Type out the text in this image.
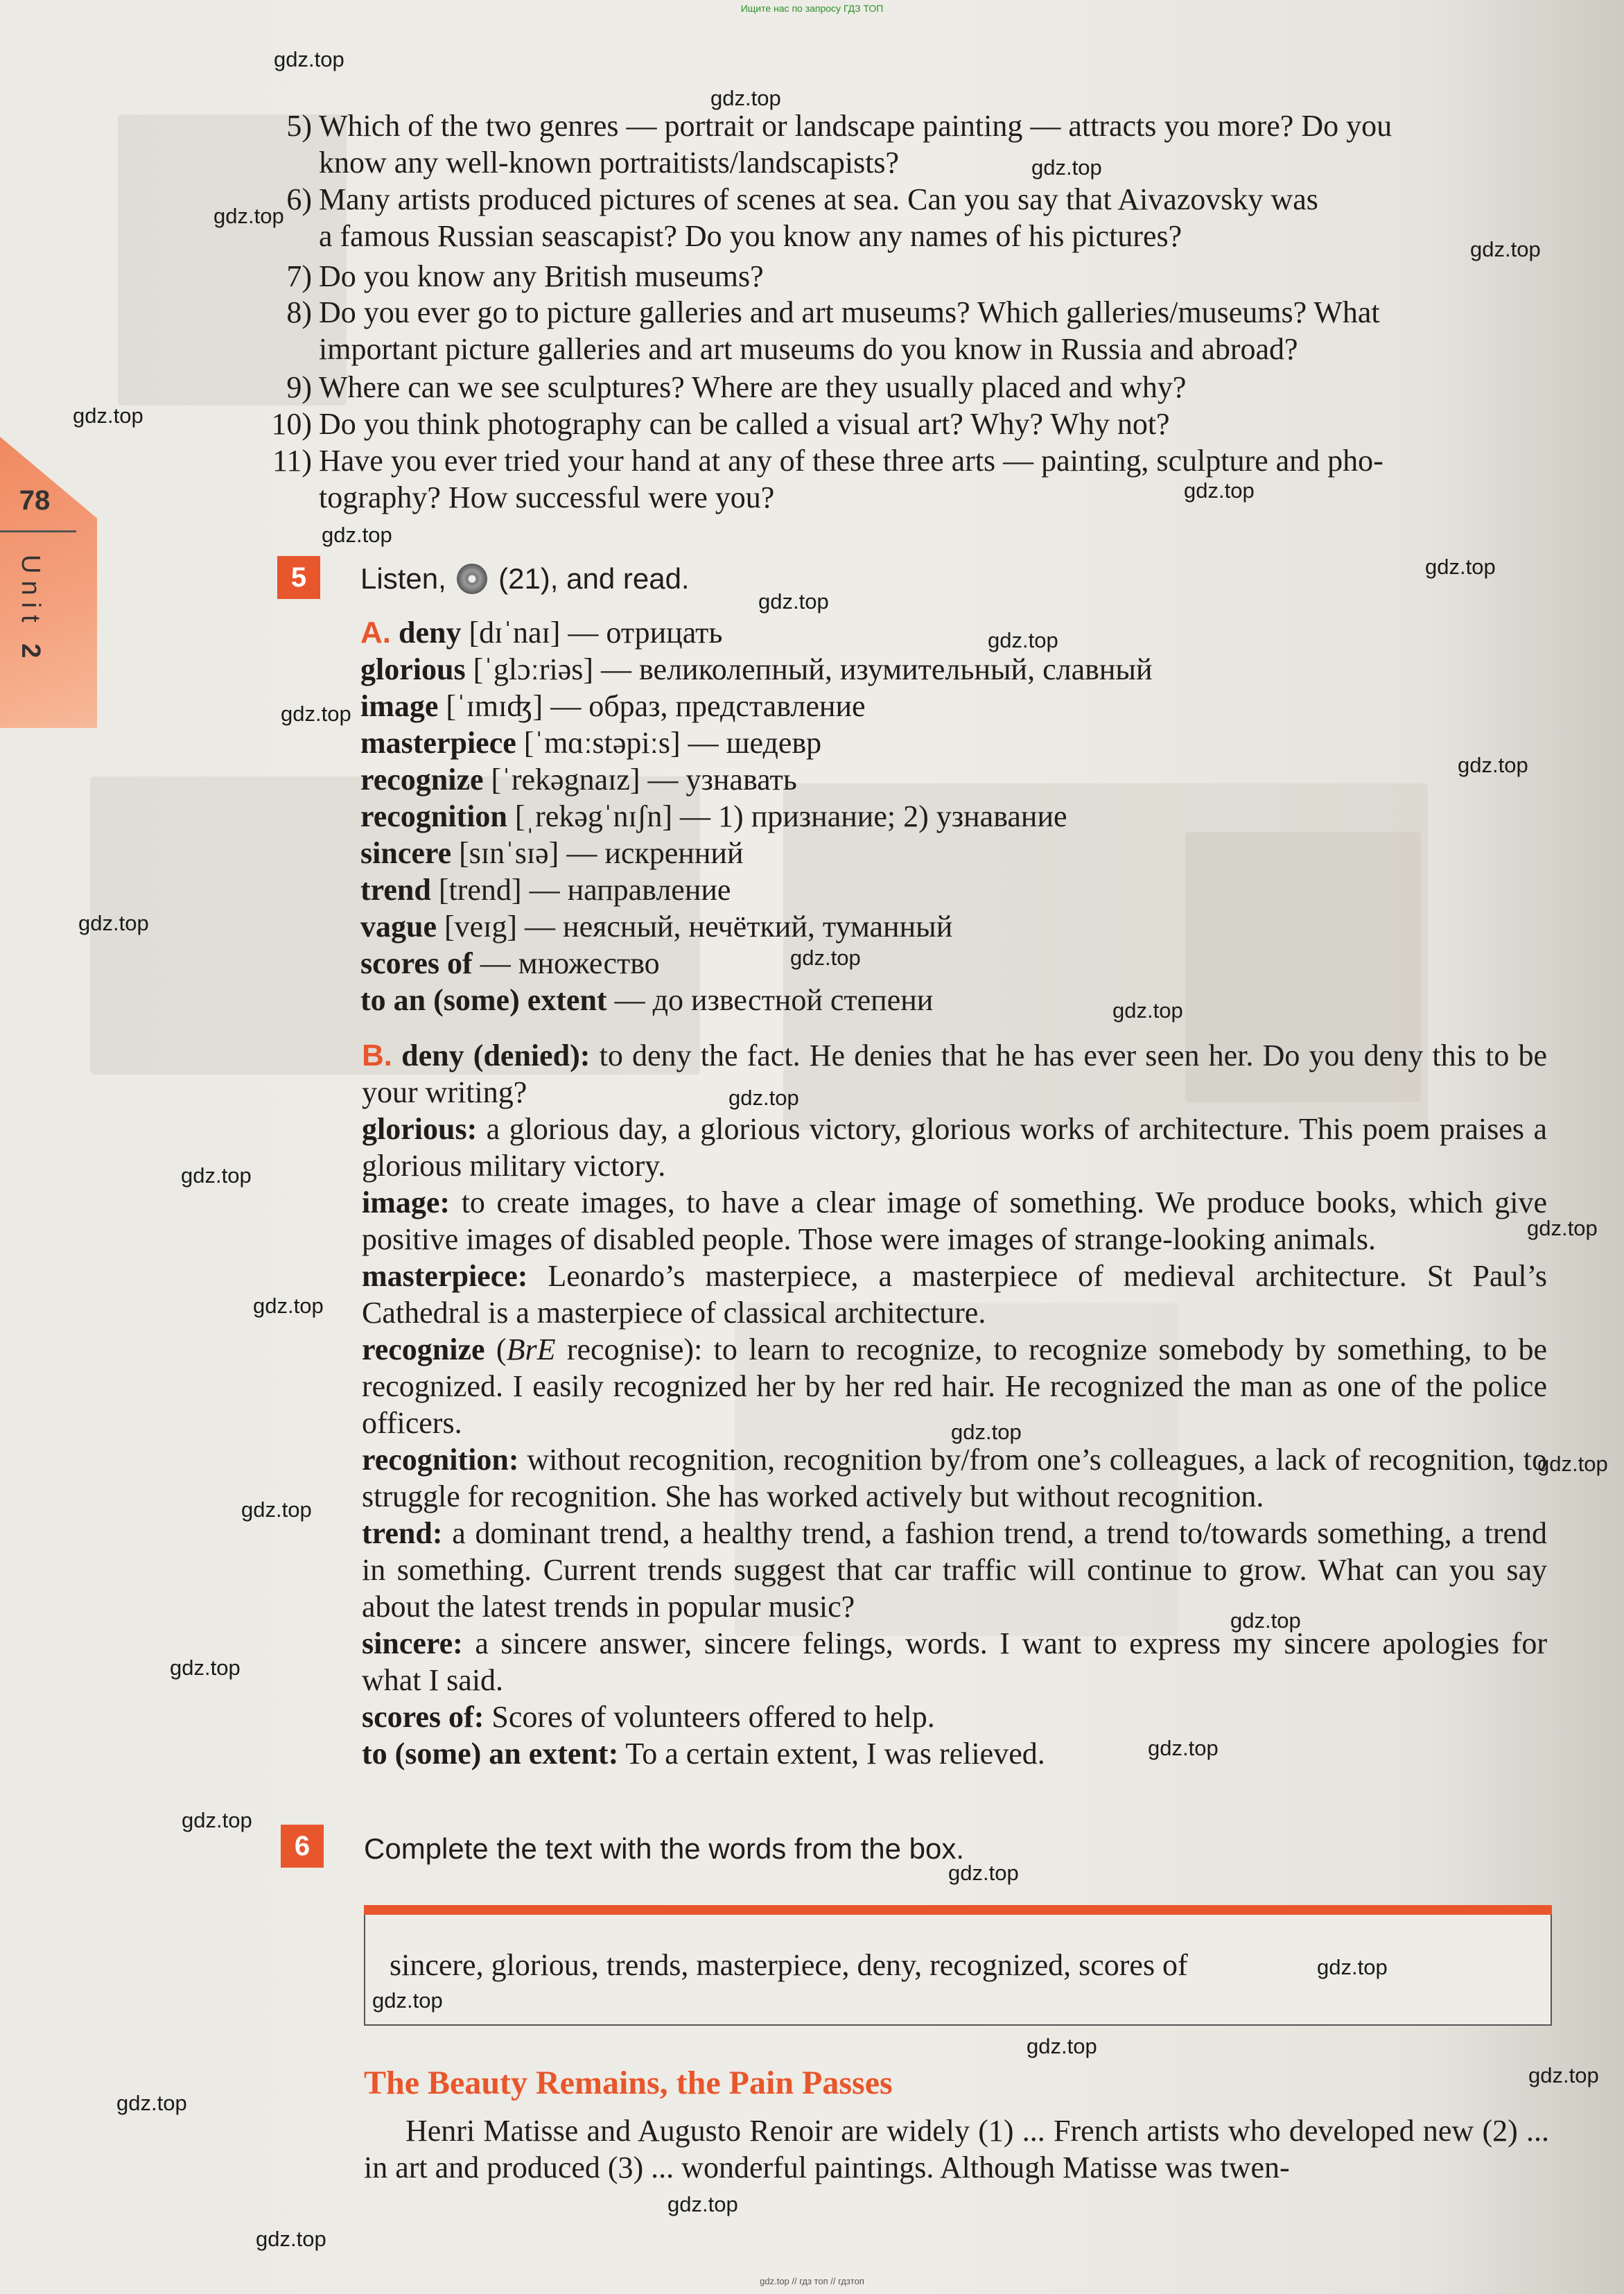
Ищите нас по запросу ГДЗ ТОП
78
Unit 2
5) Which of the two genres — portrait or landscape painting — attracts you more? Do you
know any well-known portraitists/landscapists?
6) Many artists produced pictures of scenes at sea. Can you say that Aivazovsky was
a famous Russian seascapist? Do you know any names of his pictures?
7) Do you know any British museums?
8) Do you ever go to picture galleries and art museums? Which galleries/museums? What
important picture galleries and art museums do you know in Russia and abroad?
9) Where can we see sculptures? Where are they usually placed and why?
10) Do you think photography can be called a visual art? Why? Why not?
11) Have you ever tried your hand at any of these three arts — painting, sculpture and pho-
tography? How successful were you?
5	Listen, (21), and read.
A. deny [dɪˈnaɪ] — отрицать
glorious [ˈglɔːriəs] — великолепный, изумительный, славный
image [ˈɪmɪʤ] — образ, представление
masterpiece [ˈmɑːstəpiːs] — шедевр
recognize [ˈrekəgnaɪz] — узнавать
recognition [ˌrekəgˈnɪʃn] — 1) признание; 2) узнавание
sincere [sɪnˈsɪə] — искренний
trend [trend] — направление
vague [veɪg] — неясный, нечёткий, туманный
scores of — множество
to an (some) extent — до известной степени

B. deny (denied): to deny the fact. He denies that he has ever seen her. Do you deny this to be your writing?

glorious: a glorious day, a glorious victory, glorious works of architecture. This poem praises a glorious military victory.

image: to create images, to have a clear image of something. We produce books, which give positive images of disabled people. Those were images of strange-looking animals.

masterpiece: Leonardo’s masterpiece, a masterpiece of medieval architecture. St Paul’s Cathedral is a masterpiece of classical architecture.

recognize (BrE recognise): to learn to recognize, to recognize somebody by something, to be recognized. I easily recognized her by her red hair. He recognized the man as one of the police officers.

recognition: without recognition, recognition by/from one’s colleagues, a lack of recognition, to struggle for recognition. She has worked actively but without recognition.

trend: a dominant trend, a healthy trend, a fashion trend, a trend to/towards something, a trend in something. Current trends suggest that car traffic will continue to grow. What can you say about the latest trends in popular music?

sincere: a sincere answer, sincere felings, words. I want to express my sincere apologies for what I said.

scores of: Scores of volunteers offered to help.

to (some) an extent: To a certain extent, I was relieved.

6	Complete the text with the words from the box.
sincere, glorious, trends, masterpiece, deny, recognized, scores of
The Beauty Remains, the Pain Passes
Henri Matisse and Augusto Renoir are widely (1) ... French artists who developed new (2) ... in art and produced (3) ... wonderful paintings. Although Matisse was twen-
gdz.top
gdz.top
gdz.top
gdz.top
gdz.top
gdz.top
gdz.top
gdz.top
gdz.top
gdz.top
gdz.top
gdz.top
gdz.top
gdz.top
gdz.top
gdz.top
gdz.top
gdz.top
gdz.top
gdz.top
gdz.top
gdz.top
gdz.top
gdz.top
gdz.top
gdz.top
gdz.top
gdz.top
gdz.top
gdz.top
gdz.top
gdz.top
gdz.top
gdz.top
gdz.top
gdz.top // гдз топ // гдзтоп
